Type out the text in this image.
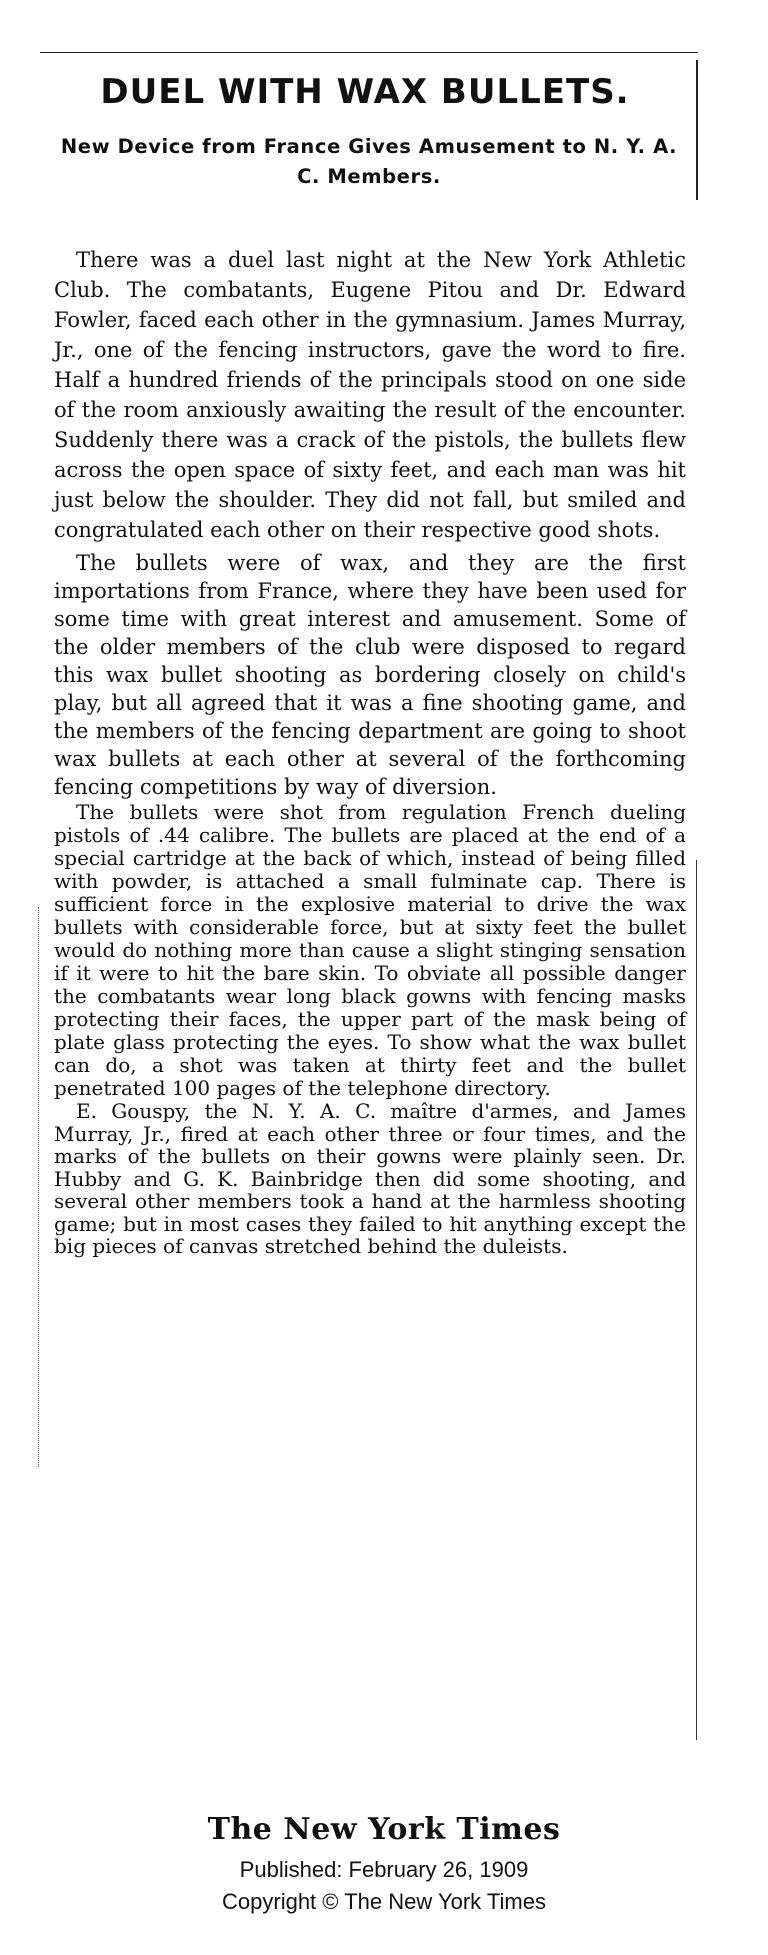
DUEL WITH WAX BULLETS.
New Device from France Gives Amusement to N. Y. A. C. Members.

There was a duel last night at the New York Athletic Club. The combatants, Eugene Pitou and Dr. Edward Fowler, faced each other in the gymnasium. James Murray, Jr., one of the fencing instructors, gave the word to fire. Half a hundred friends of the principals stood on one side of the room anxiously awaiting the result of the encounter. Suddenly there was a crack of the pistols, the bullets flew across the open space of sixty feet, and each man was hit just below the shoulder. They did not fall, but smiled and congratulated each other on their respective good shots.

The bullets were of wax, and they are the first importations from France, where they have been used for some time with great interest and amusement. Some of the older members of the club were disposed to regard this wax bullet shooting as bordering closely on child's play, but all agreed that it was a fine shooting game, and the members of the fencing department are going to shoot wax bullets at each other at several of the forthcoming fencing competitions by way of diversion.

The bullets were shot from regulation French dueling pistols of .44 calibre. The bullets are placed at the end of a special cartridge at the back of which, instead of being filled with powder, is attached a small fulminate cap. There is sufficient force in the explosive material to drive the wax bullets with considerable force, but at sixty feet the bullet would do nothing more than cause a slight stinging sensation if it were to hit the bare skin. To obviate all possible danger the combatants wear long black gowns with fencing masks protecting their faces, the upper part of the mask being of plate glass protecting the eyes. To show what the wax bullet can do, a shot was taken at thirty feet and the bullet penetrated 100 pages of the telephone directory.

E. Gouspy, the N. Y. A. C. maître d'armes, and James Murray, Jr., fired at each other three or four times, and the marks of the bullets on their gowns were plainly seen. Dr. Hubby and G. K. Bainbridge then did some shooting, and several other members took a hand at the harmless shooting game; but in most cases they failed to hit anything except the big pieces of canvas stretched behind the duleists.

The New York Times

Published: February 26, 1909

Copyright © The New York Times
